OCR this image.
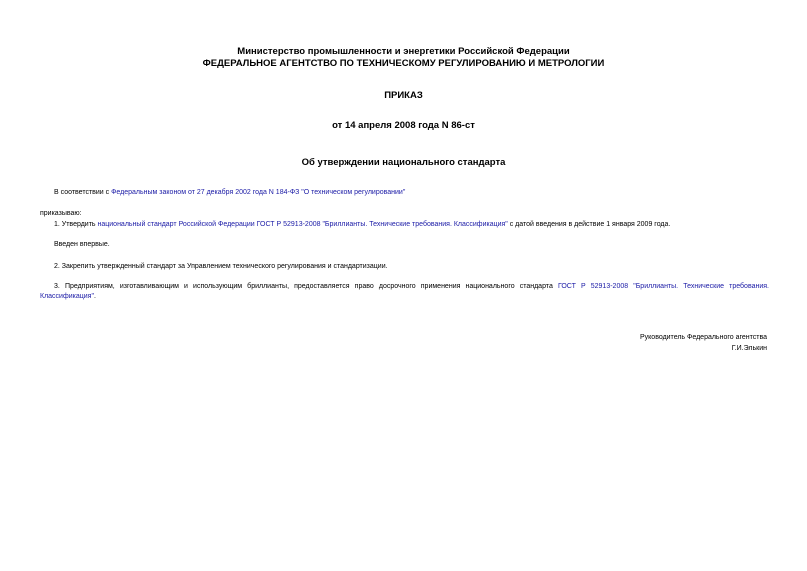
Министерство промышленности и энергетики Российской Федерации
ФЕДЕРАЛЬНОЕ АГЕНТСТВО ПО ТЕХНИЧЕСКОМУ РЕГУЛИРОВАНИЮ И МЕТРОЛОГИИ
ПРИКАЗ
от 14 апреля 2008 года N 86-ст
Об утверждении национального стандарта
В соответствии с Федеральным законом от 27 декабря 2002 года N 184-ФЗ "О техническом регулировании"
приказываю:
1. Утвердить национальный стандарт Российской Федерации ГОСТ Р 52913-2008 "Бриллианты. Технические требования. Классификация" с датой введения в действие 1 января 2009 года.
Введен впервые.
2. Закрепить утвержденный стандарт за Управлением технического регулирования и стандартизации.
3. Предприятиям, изготавливающим и использующим бриллианты, предоставляется право досрочного применения национального стандарта ГОСТ Р 52913-2008 "Бриллианты. Технические требования. Классификация".
Руководитель Федерального агентства
Г.И.Элькин
